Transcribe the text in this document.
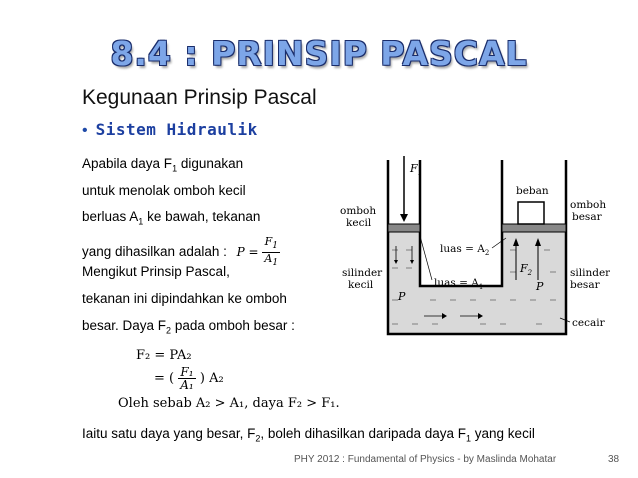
8.4 : PRINSIP PASCAL
Kegunaan Prinsip Pascal
• Sistem Hidraulik
Apabila daya $F_1$ digunakan
untuk menolak omboh kecil
berluas $A_1$ ke bawah, tekanan
yang dihasilkan adalah : $P = \frac{F_1}{A_1}$
Mengikut Prinsip Pascal,
tekanan ini dipindahkan ke omboh
besar. Daya $F_2$ pada omboh besar :
F₂ = PA₂
= ( $\frac{\text{F₁}}{\text{A₁}}$ ) A₂
Oleh sebab A₂ > A₁, daya F₂ > F₁.
$F_1$
$F_2$
omboh
kecil
beban
omboh
besar
luas = $A_2$
luas = $A_1$
silinder
kecil
silinder
besar
P
P
cecair
Iaitu satu daya yang besar, $F_2$, boleh dihasilkan daripada daya $F_1$ yang kecil
PHY 2012 : Fundamental of Physics - by Maslinda Mohatar	38
